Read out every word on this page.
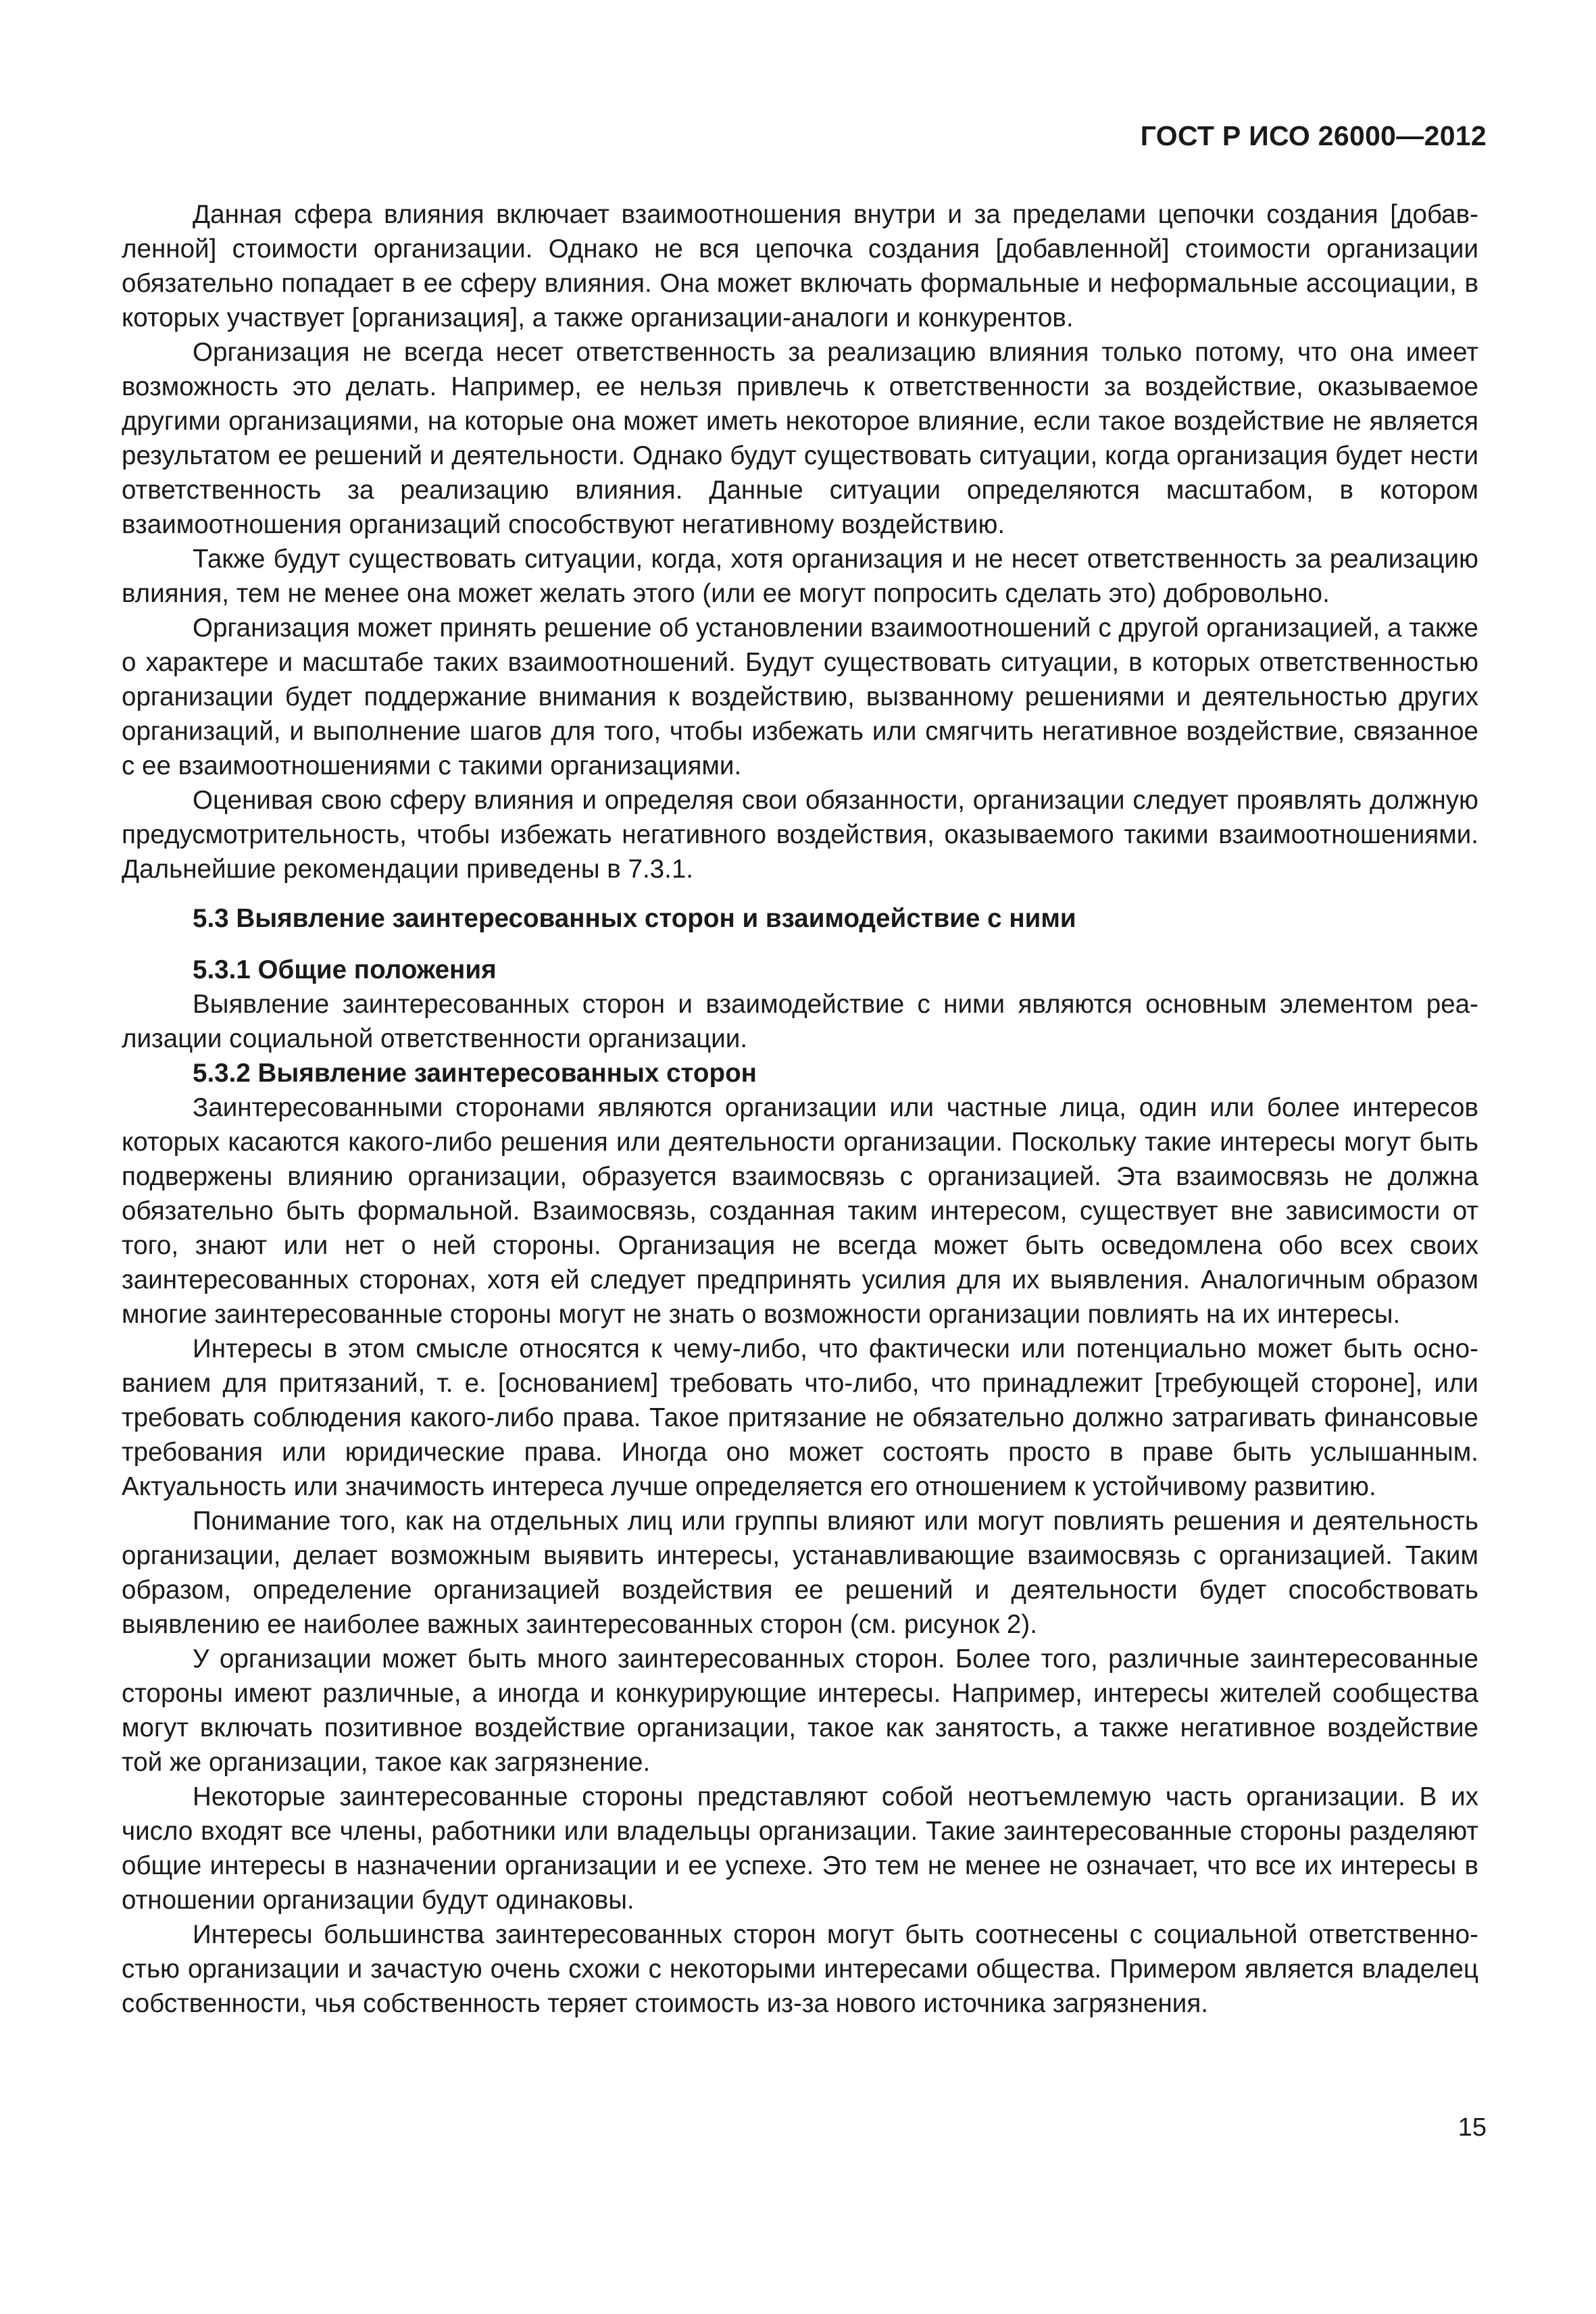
ГОСТ Р ИСО 26000—2012

Данная сфера влияния включает взаимоотношения внутри и за пределами цепочки создания [добавленной] стоимости организации. Однако не вся цепочка создания [добавленной] стоимости организации обязательно попадает в ее сферу влияния. Она может включать формальные и неформальные ассоциации, в которых участвует [организация], а также организации-аналоги и конкурентов.

Организация не всегда несет ответственность за реализацию влияния только потому, что она имеет возможность это делать. Например, ее нельзя привлечь к ответственности за воздействие, оказываемое другими организациями, на которые она может иметь некоторое влияние, если такое воздействие не является результатом ее решений и деятельности. Однако будут существовать ситуации, когда организация будет нести ответственность за реализацию влияния. Данные ситуации определяются масштабом, в котором взаимоотношения организаций способствуют негативному воздействию.

Также будут существовать ситуации, когда, хотя организация и не несет ответственность за реализацию влияния, тем не менее она может желать этого (или ее могут попросить сделать это) добровольно.

Организация может принять решение об установлении взаимоотношений с другой организацией, а также о характере и масштабе таких взаимоотношений. Будут существовать ситуации, в которых ответственностью организации будет поддержание внимания к воздействию, вызванному решениями и деятельностью других организаций, и выполнение шагов для того, чтобы избежать или смягчить негативное воздействие, связанное с ее взаимоотношениями с такими организациями.

Оценивая свою сферу влияния и определяя свои обязанности, организации следует проявлять должную предусмотрительность, чтобы избежать негативного воздействия, оказываемого такими взаимоотношениями. Дальнейшие рекомендации приведены в 7.3.1.

5.3 Выявление заинтересованных сторон и взаимодействие с ними

5.3.1 Общие положения

Выявление заинтересованных сторон и взаимодействие с ними являются основным элементом реализации социальной ответственности организации.

5.3.2 Выявление заинтересованных сторон

Заинтересованными сторонами являются организации или частные лица, один или более интересов которых касаются какого-либо решения или деятельности организации. Поскольку такие интересы могут быть подвержены влиянию организации, образуется взаимосвязь с организацией. Эта взаимосвязь не должна обязательно быть формальной. Взаимосвязь, созданная таким интересом, существует вне зависимости от того, знают или нет о ней стороны. Организация не всегда может быть осведомлена обо всех своих заинтересованных сторонах, хотя ей следует предпринять усилия для их выявления. Аналогичным образом многие заинтересованные стороны могут не знать о возможности организации повлиять на их интересы.

Интересы в этом смысле относятся к чему-либо, что фактически или потенциально может быть основанием для притязаний, т. е. [основанием] требовать что-либо, что принадлежит [требующей стороне], или требовать соблюдения какого-либо права. Такое притязание не обязательно должно затрагивать финансовые требования или юридические права. Иногда оно может состоять просто в праве быть услышанным. Актуальность или значимость интереса лучше определяется его отношением к устойчивому развитию.

Понимание того, как на отдельных лиц или группы влияют или могут повлиять решения и деятельность организации, делает возможным выявить интересы, устанавливающие взаимосвязь с организацией. Таким образом, определение организацией воздействия ее решений и деятельности будет способствовать выявлению ее наиболее важных заинтересованных сторон (см. рисунок 2).

У организации может быть много заинтересованных сторон. Более того, различные заинтересованные стороны имеют различные, а иногда и конкурирующие интересы. Например, интересы жителей сообщества могут включать позитивное воздействие организации, такое как занятость, а также негативное воздействие той же организации, такое как загрязнение.

Некоторые заинтересованные стороны представляют собой неотъемлемую часть организации. В их число входят все члены, работники или владельцы организации. Такие заинтересованные стороны разделяют общие интересы в назначении организации и ее успехе. Это тем не менее не означает, что все их интересы в отношении организации будут одинаковы.

Интересы большинства заинтересованных сторон могут быть соотнесены с социальной ответственностью организации и зачастую очень схожи с некоторыми интересами общества. Примером является владелец собственности, чья собственность теряет стоимость из-за нового источника загрязнения.

15
